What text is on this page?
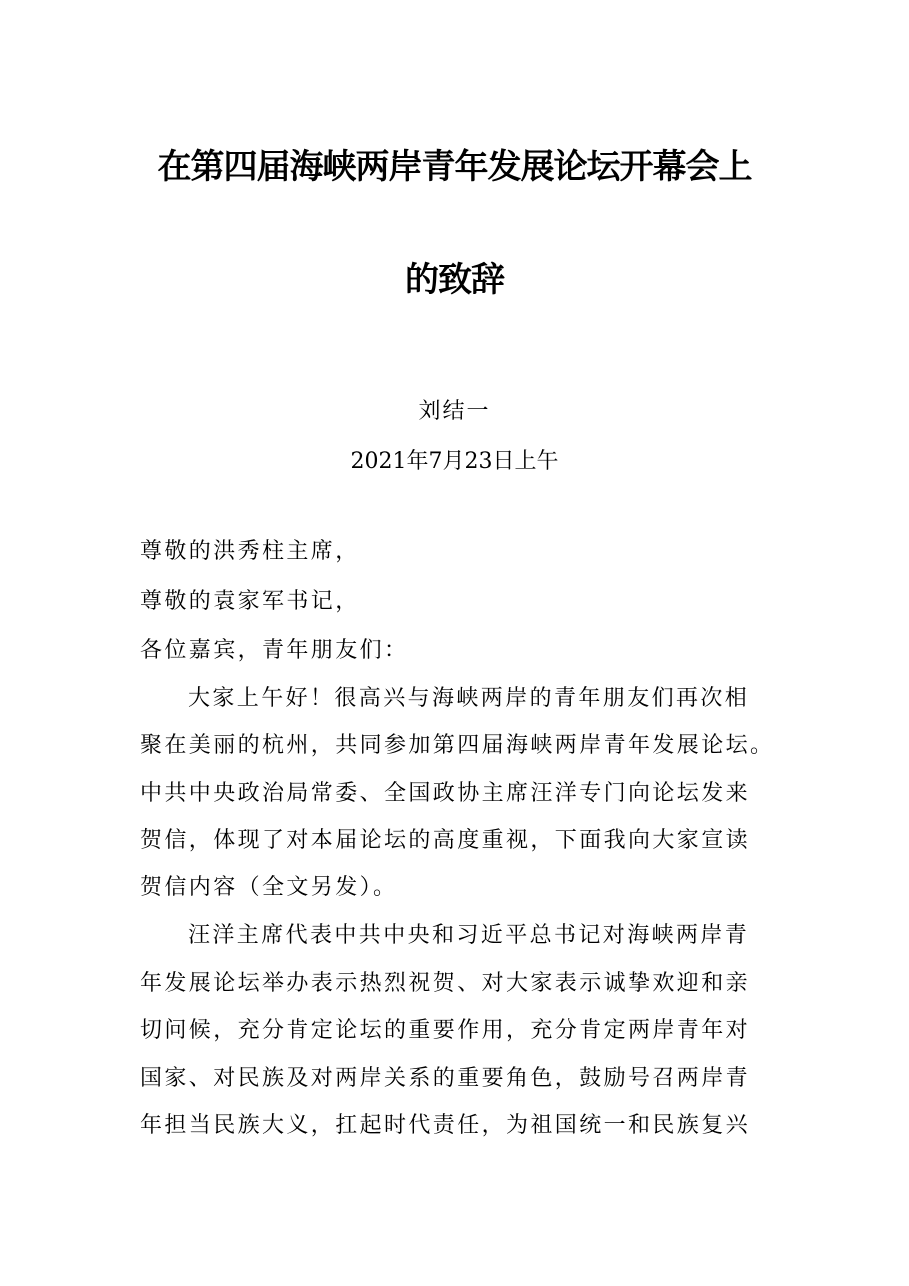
在第四届海峡两岸青年发展论坛开幕会上
的致辞
刘结一
2021年7月23日上午
尊敬的洪秀柱主席，
尊敬的袁家军书记，
各位嘉宾，青年朋友们：
大家上午好！很高兴与海峡两岸的青年朋友们再次相
聚在美丽的杭州，共同参加第四届海峡两岸青年发展论坛。
中共中央政治局常委、全国政协主席汪洋专门向论坛发来
贺信，体现了对本届论坛的高度重视，下面我向大家宣读
贺信内容（全文另发）。
汪洋主席代表中共中央和习近平总书记对海峡两岸青
年发展论坛举办表示热烈祝贺、对大家表示诚挚欢迎和亲
切问候，充分肯定论坛的重要作用，充分肯定两岸青年对
国家、对民族及对两岸关系的重要角色，鼓励号召两岸青
年担当民族大义，扛起时代责任，为祖国统一和民族复兴
